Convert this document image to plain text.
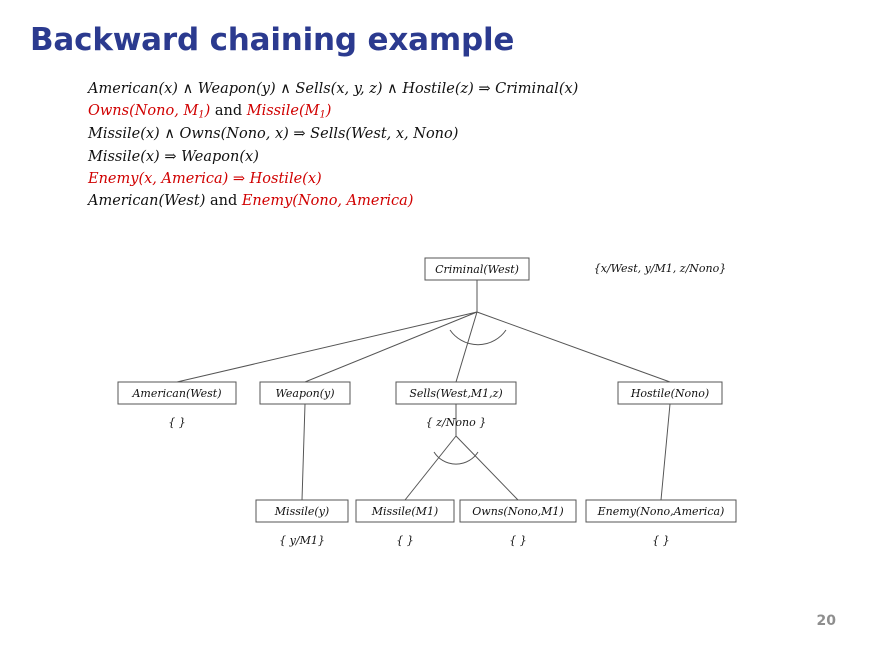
Backward chaining example
American(x) ∧ Weapon(y) ∧ Sells(x, y, z) ∧ Hostile(z) ⇒ Criminal(x)
Owns(Nono, $M_1$) and $Missile(M_1)$
Missile(x) ∧ Owns(Nono, x) ⇒ Sells(West, x, Nono)
Missile(x) ⇒ Weapon(x)
Enemy(x, America) ⇒ Hostile(x)
American(West) and Enemy(Nono, America)
Criminal(West)
American(West)	Weapon(y)	Sells(West,M1,z)	Hostile(Nono)
Missile(y)	Missile(M1)	Owns(Nono,M1)	Enemy(Nono,America)
{x/West, y/M1, z/Nono}
{ }	{ z/Nono }
{ y/M1}	{ }	{ }	{ }
20
